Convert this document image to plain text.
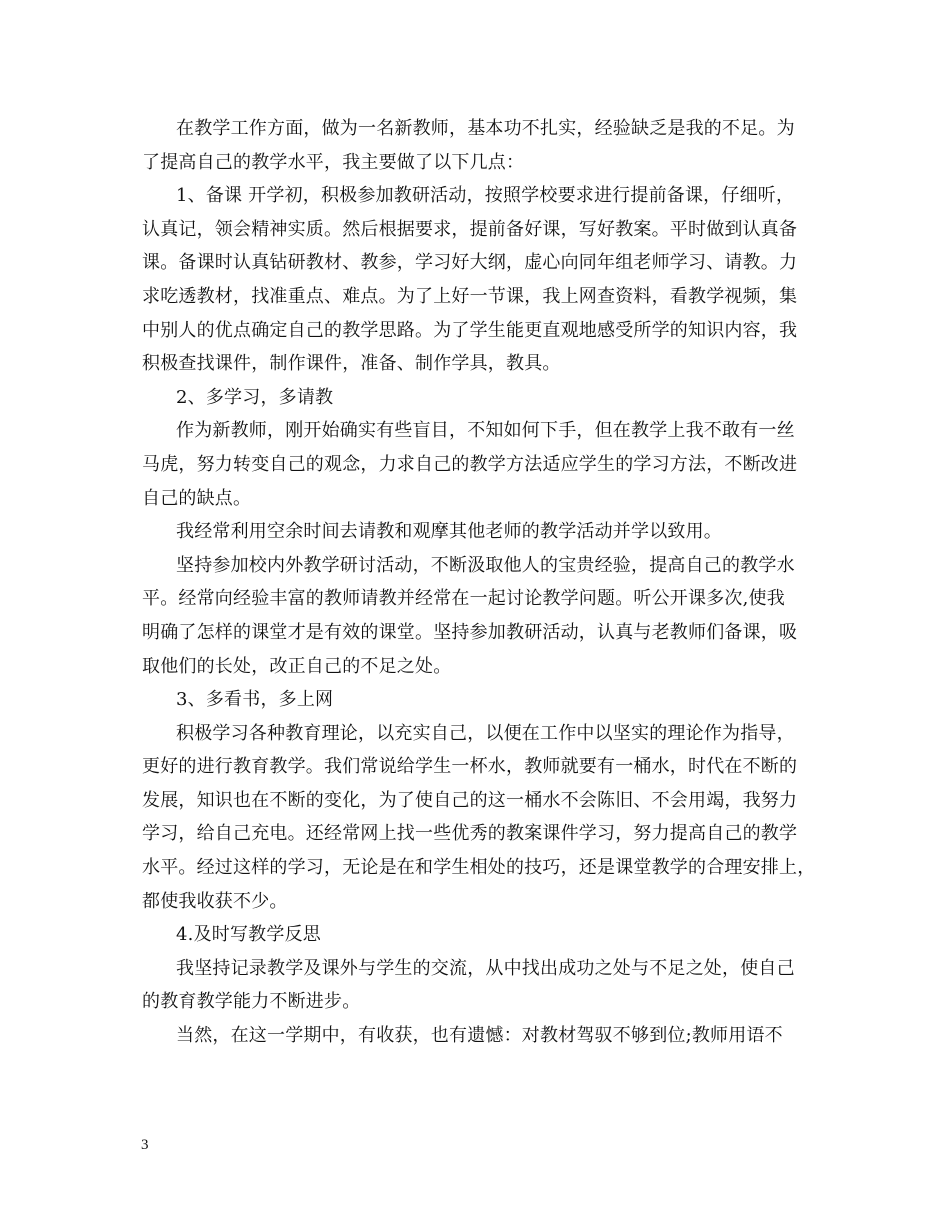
在教学工作方面，做为一名新教师，基本功不扎实，经验缺乏是我的不足。为
了提高自己的教学水平，我主要做了以下几点：
1、备课 开学初，积极参加教研活动，按照学校要求进行提前备课，仔细听，
认真记，领会精神实质。然后根据要求，提前备好课，写好教案。平时做到认真备
课。备课时认真钻研教材、教参，学习好大纲，虚心向同年组老师学习、请教。力
求吃透教材，找准重点、难点。为了上好一节课，我上网查资料，看教学视频，集
中别人的优点确定自己的教学思路。为了学生能更直观地感受所学的知识内容，我
积极查找课件，制作课件，准备、制作学具，教具。
2、多学习，多请教
作为新教师，刚开始确实有些盲目，不知如何下手，但在教学上我不敢有一丝
马虎，努力转变自己的观念，力求自己的教学方法适应学生的学习方法，不断改进
自己的缺点。
我经常利用空余时间去请教和观摩其他老师的教学活动并学以致用。
坚持参加校内外教学研讨活动，不断汲取他人的宝贵经验，提高自己的教学水
平。经常向经验丰富的教师请教并经常在一起讨论教学问题。听公开课多次,使我
明确了怎样的课堂才是有效的课堂。坚持参加教研活动，认真与老教师们备课，吸
取他们的长处，改正自己的不足之处。
3、多看书，多上网
积极学习各种教育理论，以充实自己，以便在工作中以坚实的理论作为指导，
更好的进行教育教学。我们常说给学生一杯水，教师就要有一桶水，时代在不断的
发展，知识也在不断的变化，为了使自己的这一桶水不会陈旧、不会用竭，我努力
学习，给自己充电。还经常网上找一些优秀的教案课件学习，努力提高自己的教学
水平。经过这样的学习，无论是在和学生相处的技巧，还是课堂教学的合理安排上，
都使我收获不少。
4.及时写教学反思
我坚持记录教学及课外与学生的交流，从中找出成功之处与不足之处，使自己
的教育教学能力不断进步。
当然，在这一学期中，有收获，也有遗憾：对教材驾驭不够到位;教师用语不
3
